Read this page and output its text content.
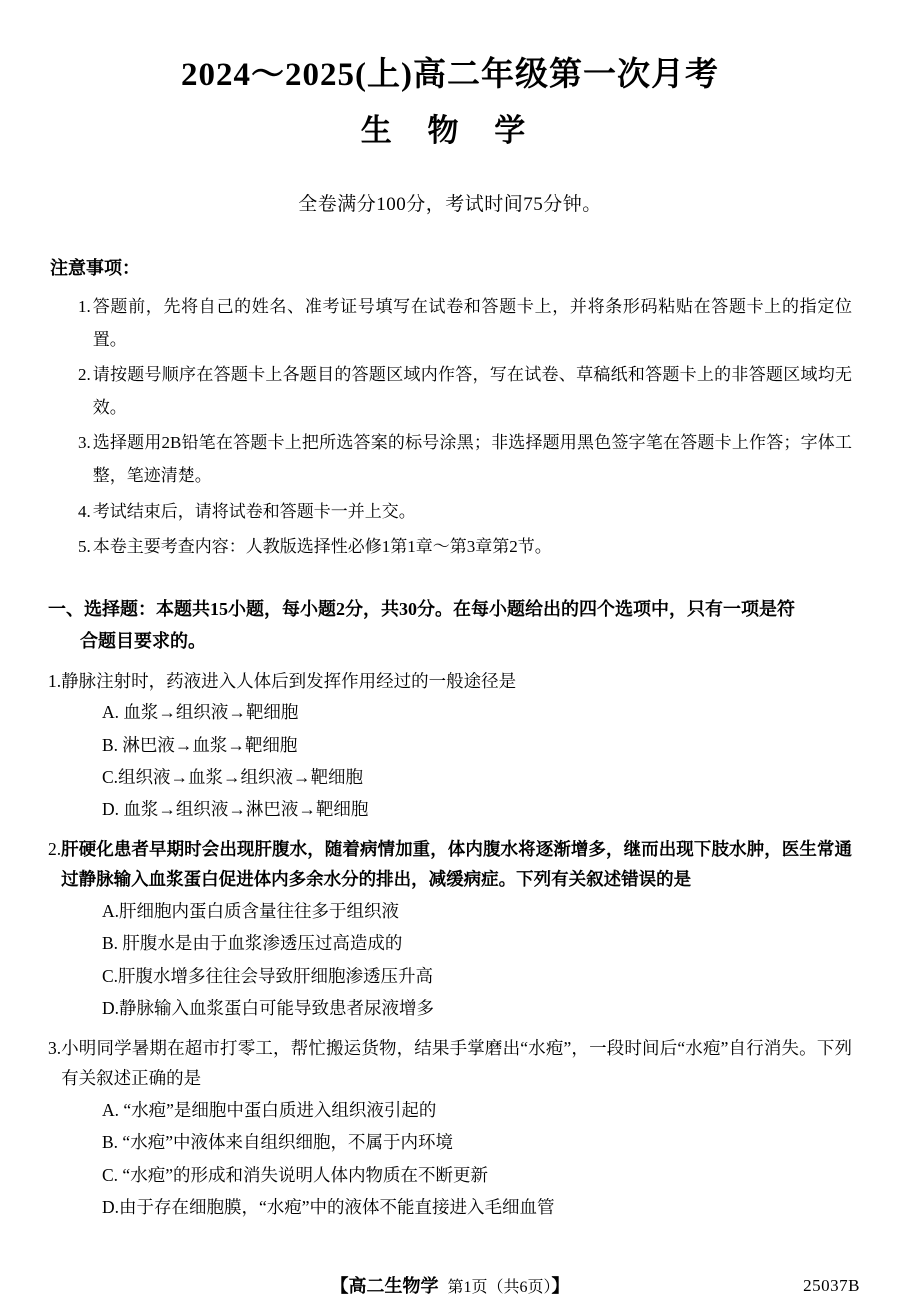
2024～2025(上)高二年级第一次月考
生 物 学
全卷满分100分，考试时间75分钟。
注意事项：
1. 答题前，先将自己的姓名、准考证号填写在试卷和答题卡上，并将条形码粘贴在答题卡上的指定位置。
2. 请按题号顺序在答题卡上各题目的答题区域内作答，写在试卷、草稿纸和答题卡上的非答题区域均无效。
3. 选择题用2B铅笔在答题卡上把所选答案的标号涂黑；非选择题用黑色签字笔在答题卡上作答；字体工整，笔迹清楚。
4. 考试结束后，请将试卷和答题卡一并上交。
5. 本卷主要考查内容：人教版选择性必修1第1章～第3章第2节。
一、选择题：本题共15小题，每小题2分，共30分。在每小题给出的四个选项中，只有一项是符
合题目要求的。
1. 静脉注射时，药液进入人体后到发挥作用经过的一般途径是
A. 血浆→组织液→靶细胞
B. 淋巴液→血浆→靶细胞
C.组织液→血浆→组织液→靶细胞
D. 血浆→组织液→淋巴液→靶细胞
2. 肝硬化患者早期时会出现肝腹水，随着病情加重，体内腹水将逐渐增多，继而出现下肢水肿，医生常通过静脉输入血浆蛋白促进体内多余水分的排出，减缓病症。下列有关叙述错误的是
A.肝细胞内蛋白质含量往往多于组织液
B. 肝腹水是由于血浆渗透压过高造成的
C.肝腹水增多往往会导致肝细胞渗透压升高
D.静脉输入血浆蛋白可能导致患者尿液增多
3. 小明同学暑期在超市打零工，帮忙搬运货物，结果手掌磨出“水疱”，一段时间后“水疱”自行消失。下列有关叙述正确的是
A. “水疱”是细胞中蛋白质进入组织液引起的
B. “水疱”中液体来自组织细胞，不属于内环境
C. “水疱”的形成和消失说明人体内物质在不断更新
D.由于存在细胞膜，“水疱”中的液体不能直接进入毛细血管
【高二生物学 第1页（共6页）】	25037B
